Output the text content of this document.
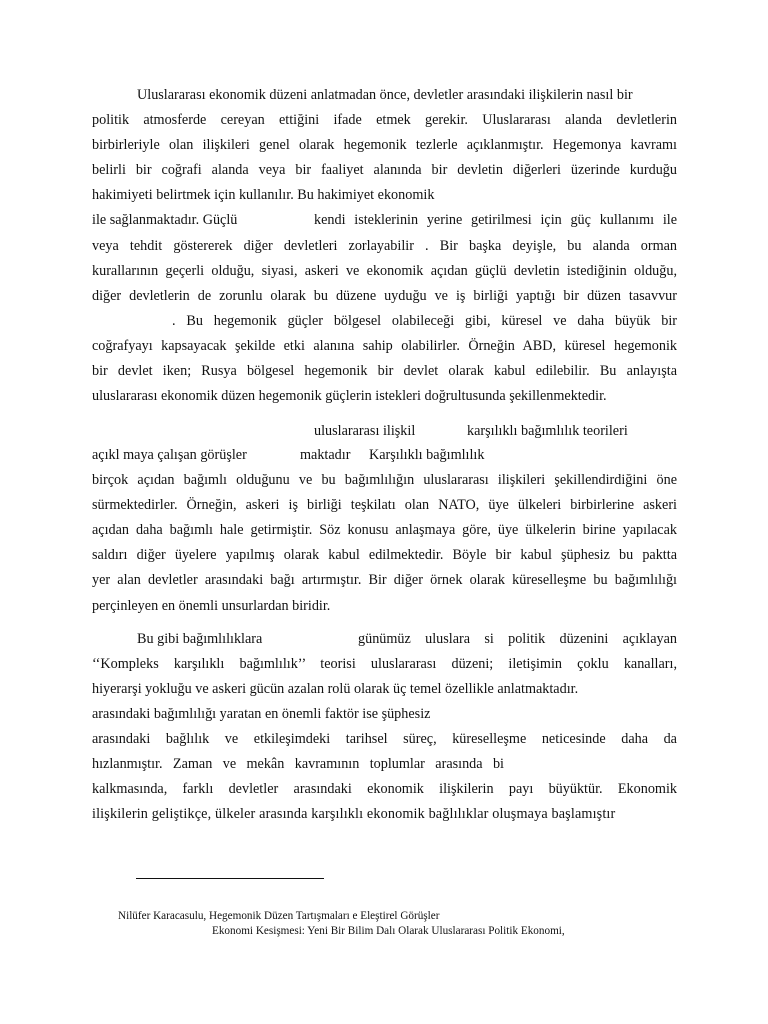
Uluslararası ekonomik düzeni anlatmadan önce, devletler arasındaki ilişkilerin nasıl bir
politik atmosferde cereyan ettiğini ifade etmek gerekir. Uluslararası alanda devletlerin
birbirleriyle olan ilişkileri genel olarak hegemonik tezlerle açıklanmıştır. Hegemonya kavramı
belirli bir coğrafi alanda veya bir faaliyet alanında bir devletin diğerleri üzerinde kurduğu
hakimiyeti belirtmek için kullanılır. Bu hakimiyet ekonomik
ile sağlanmaktadır. Güçlü	kendi isteklerinin yerine getirilmesi için güç kullanımı ile
veya tehdit göstererek diğer devletleri zorlayabilir . Bir başka deyişle, bu alanda orman
kurallarının geçerli olduğu, siyasi, askeri ve ekonomik açıdan güçlü devletin istediğinin olduğu,
diğer devletlerin de zorunlu olarak bu düzene uyduğu ve iş birliği yaptığı bir düzen tasavvur
. Bu hegemonik güçler bölgesel olabileceği gibi, küresel ve daha büyük bir
coğrafyayı kapsayacak şekilde etki alanına sahip olabilirler. Örneğin ABD, küresel hegemonik
bir devlet iken; Rusya bölgesel hegemonik bir devlet olarak kabul edilebilir. Bu anlayışta
uluslararası ekonomik düzen hegemonik güçlerin istekleri doğrultusunda şekillenmektedir.
uluslararası ilişkil	karşılıklı bağımlılık teorileri
açıkl maya çalışan görüşler	maktadır Karşılıklı bağımlılık
birçok açıdan bağımlı olduğunu ve bu bağımlılığın uluslararası ilişkileri şekillendirdiğini öne
sürmektedirler. Örneğin, askeri iş birliği teşkilatı olan NATO, üye ülkeleri birbirlerine askeri
açıdan daha bağımlı hale getirmiştir. Söz konusu anlaşmaya göre, üye ülkelerin birine yapılacak
saldırı diğer üyelere yapılmış olarak kabul edilmektedir. Böyle bir kabul şüphesiz bu paktta
yer alan devletler arasındaki bağı artırmıştır. Bir diğer örnek olarak küreselleşme bu bağımlılığı
perçinleyen en önemli unsurlardan biridir.
Bu gibi bağımlılıklara	günümüz uluslara si politik düzenini açıklayan
‘‘Kompleks karşılıklı bağımlılık’’ teorisi uluslararası düzeni; iletişimin çoklu kanalları,
hiyerarşi yokluğu ve askeri gücün azalan rolü olarak üç temel özellikle anlatmaktadır.
arasındaki bağımlılığı yaratan en önemli faktör ise şüphesiz
arasındaki bağlılık ve etkileşimdeki tarihsel süreç, küreselleşme neticesinde daha da
hızlanmıştır. Zaman ve mekân kavramının toplumlar arasında bi
kalkmasında, farklı devletler arasındaki ekonomik ilişkilerin payı büyüktür. Ekonomik
ilişkilerin geliştikçe, ülkeler arasında karşılıklı ekonomik bağlılıklar oluşmaya başlamıştır
Nilüfer Karacasulu, Hegemonik Düzen Tartışmaları e Eleştirel Görüşler
Ekonomi Kesişmesi: Yeni Bir Bilim Dalı Olarak Uluslararası Politik Ekonomi,
